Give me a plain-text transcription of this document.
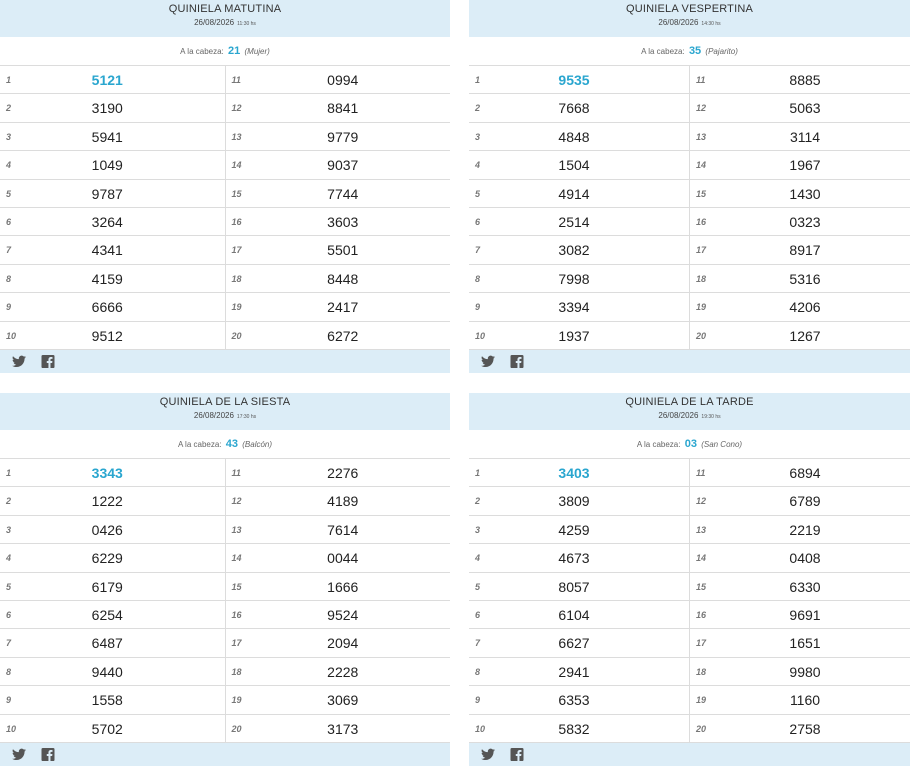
QUINIELA MATUTINA
26/08/2026 11:30 hs
A la cabeza: 21 (Mujer)
1	5121
2	3190
3	5941
4	1049
5	9787
6	3264
7	4341
8	4159
9	6666
10	9512
11	0994
12	8841
13	9779
14	9037
15	7744
16	3603
17	5501
18	8448
19	2417
20	6272
QUINIELA VESPERTINA
26/08/2026 14:30 hs
A la cabeza: 35 (Pajarito)
1	9535
2	7668
3	4848
4	1504
5	4914
6	2514
7	3082
8	7998
9	3394
10	1937
11	8885
12	5063
13	3114
14	1967
15	1430
16	0323
17	8917
18	5316
19	4206
20	1267
QUINIELA DE LA SIESTA
26/08/2026 17:30 hs
A la cabeza: 43 (Balcón)
1	3343
2	1222
3	0426
4	6229
5	6179
6	6254
7	6487
8	9440
9	1558
10	5702
11	2276
12	4189
13	7614
14	0044
15	1666
16	9524
17	2094
18	2228
19	3069
20	3173
QUINIELA DE LA TARDE
26/08/2026 19:30 hs
A la cabeza: 03 (San Cono)
1	3403
2	3809
3	4259
4	4673
5	8057
6	6104
7	6627
8	2941
9	6353
10	5832
11	6894
12	6789
13	2219
14	0408
15	6330
16	9691
17	1651
18	9980
19	1160
20	2758
